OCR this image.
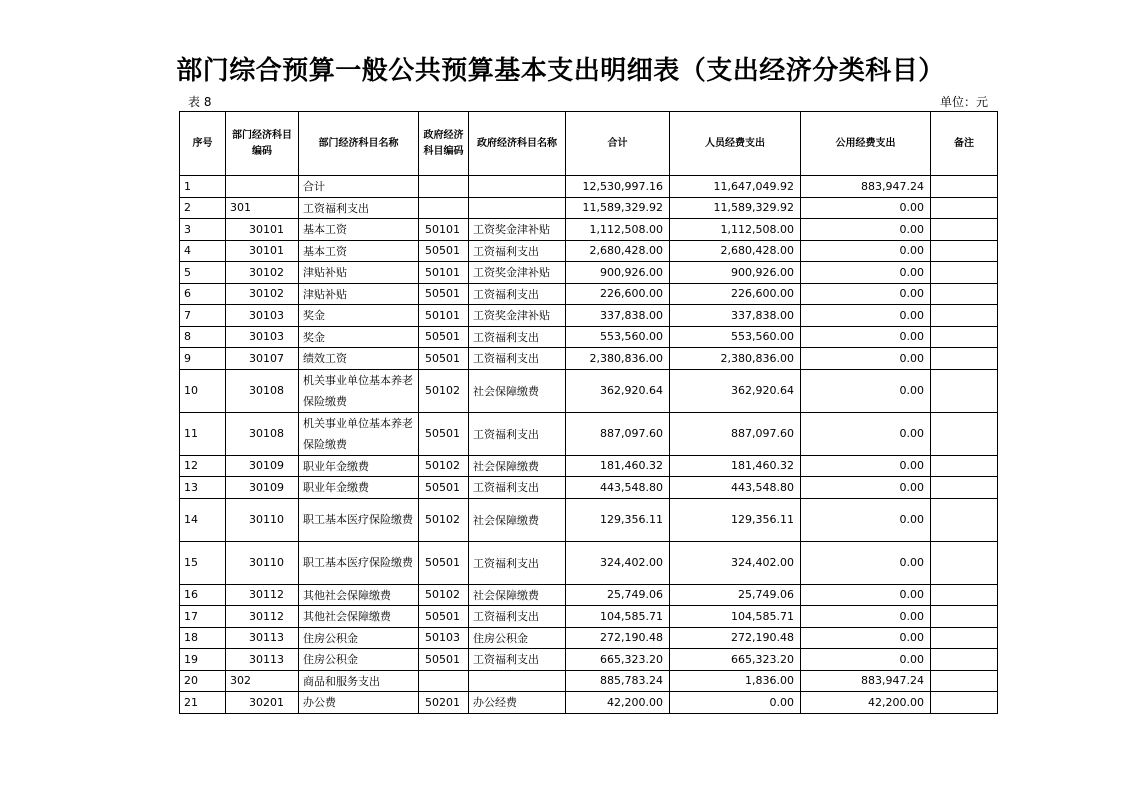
部门综合预算一般公共预算基本支出明细表（支出经济分类科目）
表 8	单位：元
序号	部门经济科目编码	部门经济科目名称	政府经济科目编码	政府经济科目名称	合计	人员经费支出	公用经费支出	备注
1		合计			12,530,997.16	11,647,049.92	883,947.24	
2	301	工资福利支出			11,589,329.92	11,589,329.92	0.00	
3	30101	基本工资	50101	工资奖金津补贴	1,112,508.00	1,112,508.00	0.00	
4	30101	基本工资	50501	工资福利支出	2,680,428.00	2,680,428.00	0.00	
5	30102	津贴补贴	50101	工资奖金津补贴	900,926.00	900,926.00	0.00	
6	30102	津贴补贴	50501	工资福利支出	226,600.00	226,600.00	0.00	
7	30103	奖金	50101	工资奖金津补贴	337,838.00	337,838.00	0.00	
8	30103	奖金	50501	工资福利支出	553,560.00	553,560.00	0.00	
9	30107	绩效工资	50501	工资福利支出	2,380,836.00	2,380,836.00	0.00	
10	30108	机关事业单位基本养老保险缴费	50102	社会保障缴费	362,920.64	362,920.64	0.00	
11	30108	机关事业单位基本养老保险缴费	50501	工资福利支出	887,097.60	887,097.60	0.00	
12	30109	职业年金缴费	50102	社会保障缴费	181,460.32	181,460.32	0.00	
13	30109	职业年金缴费	50501	工资福利支出	443,548.80	443,548.80	0.00	
14	30110	职工基本医疗保险缴费	50102	社会保障缴费	129,356.11	129,356.11	0.00	
15	30110	职工基本医疗保险缴费	50501	工资福利支出	324,402.00	324,402.00	0.00	
16	30112	其他社会保障缴费	50102	社会保障缴费	25,749.06	25,749.06	0.00	
17	30112	其他社会保障缴费	50501	工资福利支出	104,585.71	104,585.71	0.00	
18	30113	住房公积金	50103	住房公积金	272,190.48	272,190.48	0.00	
19	30113	住房公积金	50501	工资福利支出	665,323.20	665,323.20	0.00	
20	302	商品和服务支出			885,783.24	1,836.00	883,947.24	
21	30201	办公费	50201	办公经费	42,200.00	0.00	42,200.00	
